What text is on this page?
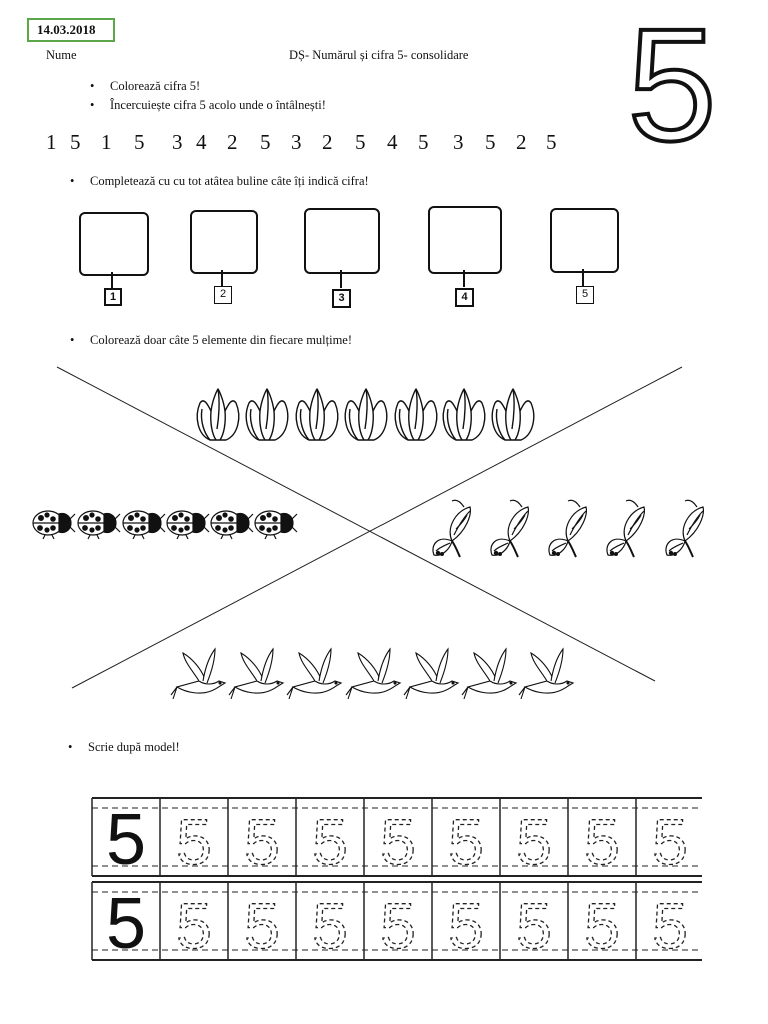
14.03.2018
Nume	DȘ- Numărul și cifra 5- consolidare 5
• Colorează cifra 5!
• Încercuiește cifra 5 acolo unde o întâlnești!
1 5 1 5 3 4 2 5 3 2 5 4 5 3 5 2 5
• Completează cu cu tot atâtea buline câte îți indică cifra!
1	2	3	4	5
• Colorează doar câte 5 elemente din fiecare mulțime!
• Scrie după model!
5 5 5 5 5 5 5 5 5
5 5 5 5 5 5 5 5 5
